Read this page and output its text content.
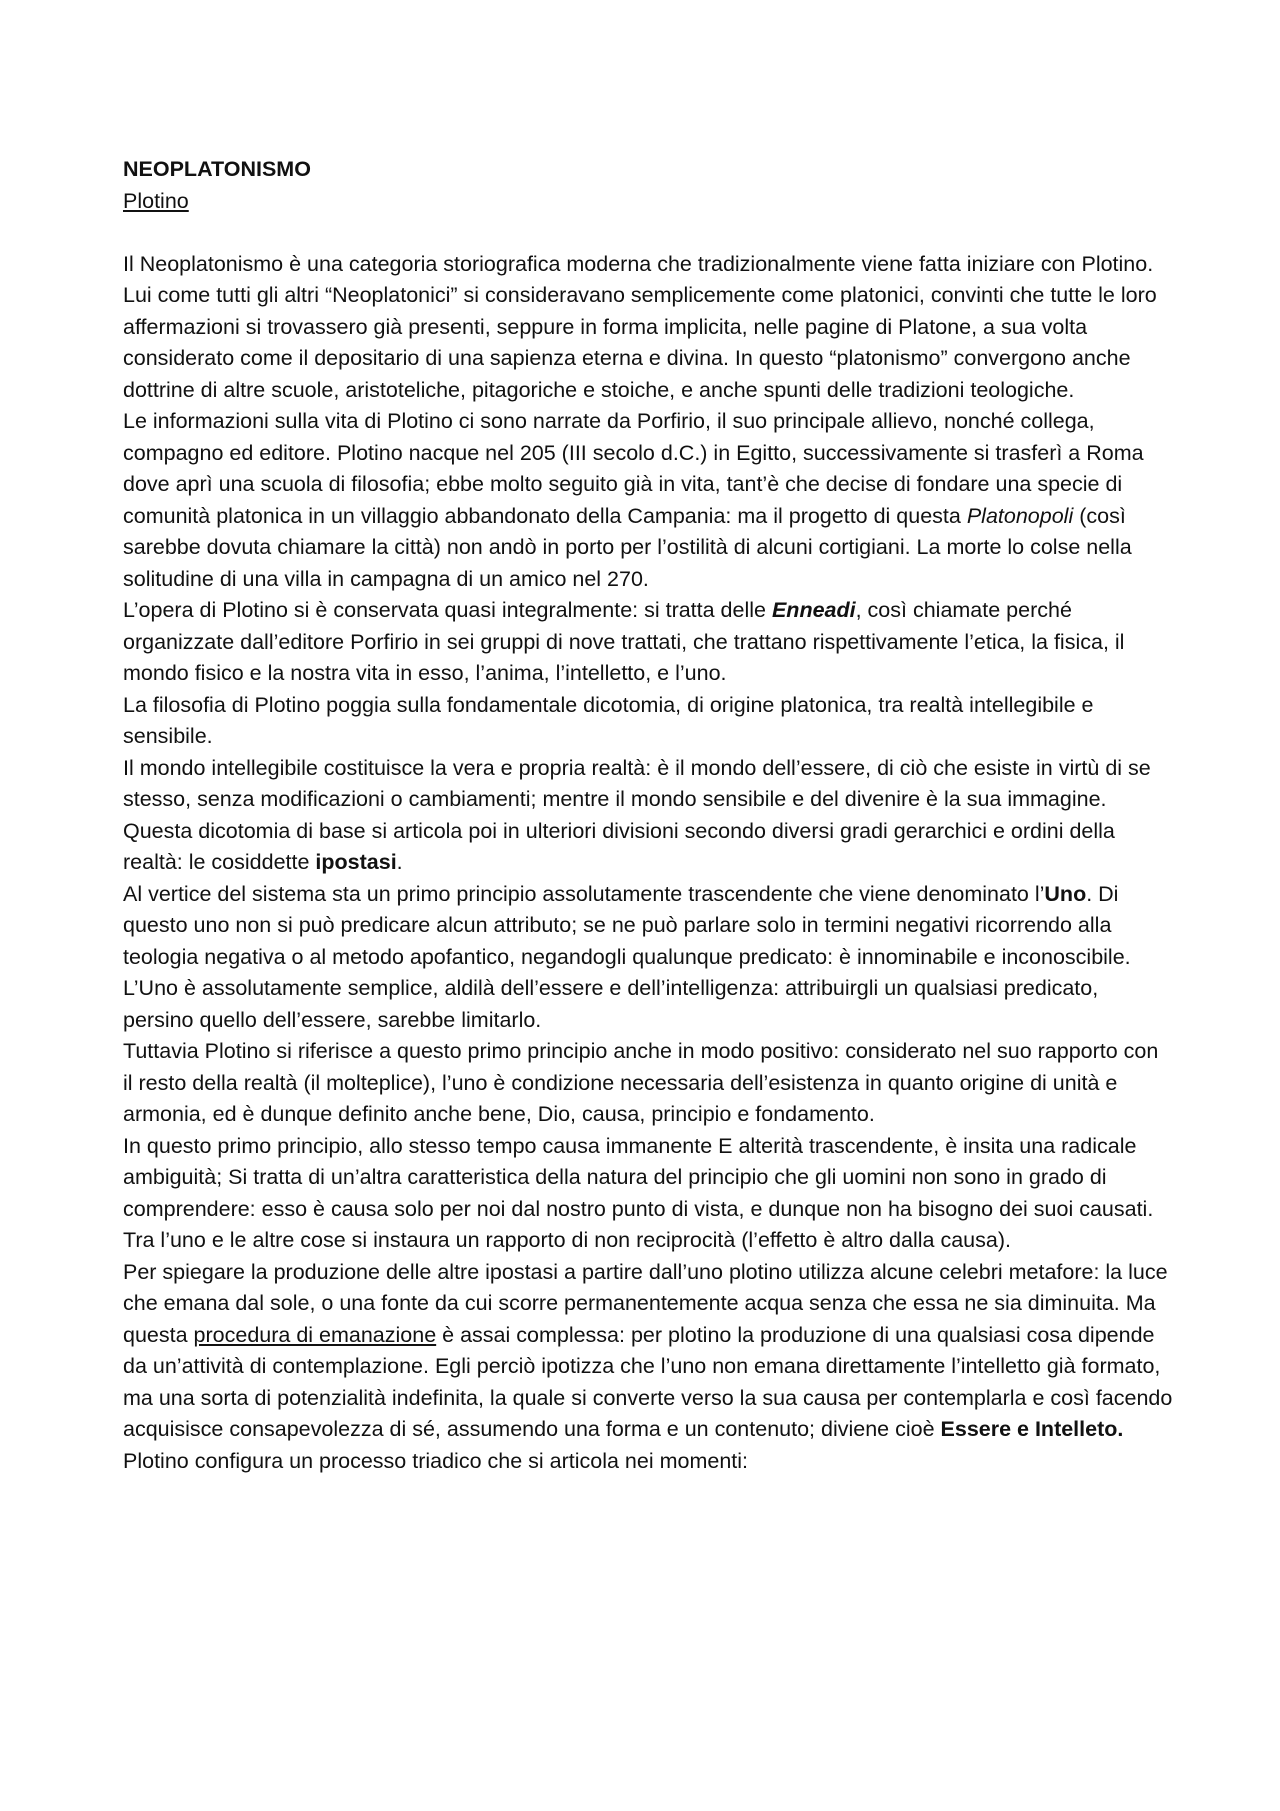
NEOPLATONISMO

Plotino

Il Neoplatonismo è una categoria storiografica moderna che tradizionalmente viene fatta iniziare con Plotino. Lui come tutti gli altri “Neoplatonici” si consideravano semplicemente come platonici, convinti che tutte le loro affermazioni si trovassero già presenti, seppure in forma implicita, nelle pagine di Platone, a sua volta considerato come il depositario di una sapienza eterna e divina. In questo “platonismo” convergono anche dottrine di altre scuole, aristoteliche, pitagoriche e stoiche, e anche spunti delle tradizioni teologiche.

Le informazioni sulla vita di Plotino ci sono narrate da Porfirio, il suo principale allievo, nonché collega, compagno ed editore. Plotino nacque nel 205 (III secolo d.C.) in Egitto, successivamente si trasferì a Roma dove aprì una scuola di filosofia; ebbe molto seguito già in vita, tant’è che decise di fondare una specie di comunità platonica in un villaggio abbandonato della Campania: ma il progetto di questa Platonopoli (così sarebbe dovuta chiamare la città) non andò in porto per l’ostilità di alcuni cortigiani. La morte lo colse nella solitudine di una villa in campagna di un amico nel 270.

L’opera di Plotino si è conservata quasi integralmente: si tratta delle Enneadi, così chiamate perché organizzate dall’editore Porfirio in sei gruppi di nove trattati, che trattano rispettivamente l’etica, la fisica, il mondo fisico e la nostra vita in esso, l’anima, l’intelletto, e l’uno.

La filosofia di Plotino poggia sulla fondamentale dicotomia, di origine platonica, tra realtà intellegibile e sensibile.

Il mondo intellegibile costituisce la vera e propria realtà: è il mondo dell’essere, di ciò che esiste in virtù di se stesso, senza modificazioni o cambiamenti; mentre il mondo sensibile e del divenire è la sua immagine. Questa dicotomia di base si articola poi in ulteriori divisioni secondo diversi gradi gerarchici e ordini della realtà: le cosiddette ipostasi.

Al vertice del sistema sta un primo principio assolutamente trascendente che viene denominato l’Uno. Di questo uno non si può predicare alcun attributo; se ne può parlare solo in termini negativi ricorrendo alla teologia negativa o al metodo apofantico, negandogli qualunque predicato: è innominabile e inconoscibile.

L’Uno è assolutamente semplice, aldilà dell’essere e dell’intelligenza: attribuirgli un qualsiasi predicato, persino quello dell’essere, sarebbe limitarlo.

Tuttavia Plotino si riferisce a questo primo principio anche in modo positivo: considerato nel suo rapporto con il resto della realtà (il molteplice), l’uno è condizione necessaria dell’esistenza in quanto origine di unità e armonia, ed è dunque definito anche bene, Dio, causa, principio e fondamento.

In questo primo principio, allo stesso tempo causa immanente E alterità trascendente, è insita una radicale ambiguità; Si tratta di un’altra caratteristica della natura del principio che gli uomini non sono in grado di comprendere: esso è causa solo per noi dal nostro punto di vista, e dunque non ha bisogno dei suoi causati. Tra l’uno e le altre cose si instaura un rapporto di non reciprocità (l’effetto è altro dalla causa).

Per spiegare la produzione delle altre ipostasi a partire dall’uno plotino utilizza alcune celebri metafore: la luce che emana dal sole, o una fonte da cui scorre permanentemente acqua senza che essa ne sia diminuita. Ma questa procedura di emanazione è assai complessa: per plotino la produzione di una qualsiasi cosa dipende da un’attività di contemplazione. Egli perciò ipotizza che l’uno non emana direttamente l’intelletto già formato, ma una sorta di potenzialità indefinita, la quale si converte verso la sua causa per contemplarla e così facendo acquisisce consapevolezza di sé, assumendo una forma e un contenuto; diviene cioè Essere e Intelleto.

Plotino configura un processo triadico che si articola nei momenti:
